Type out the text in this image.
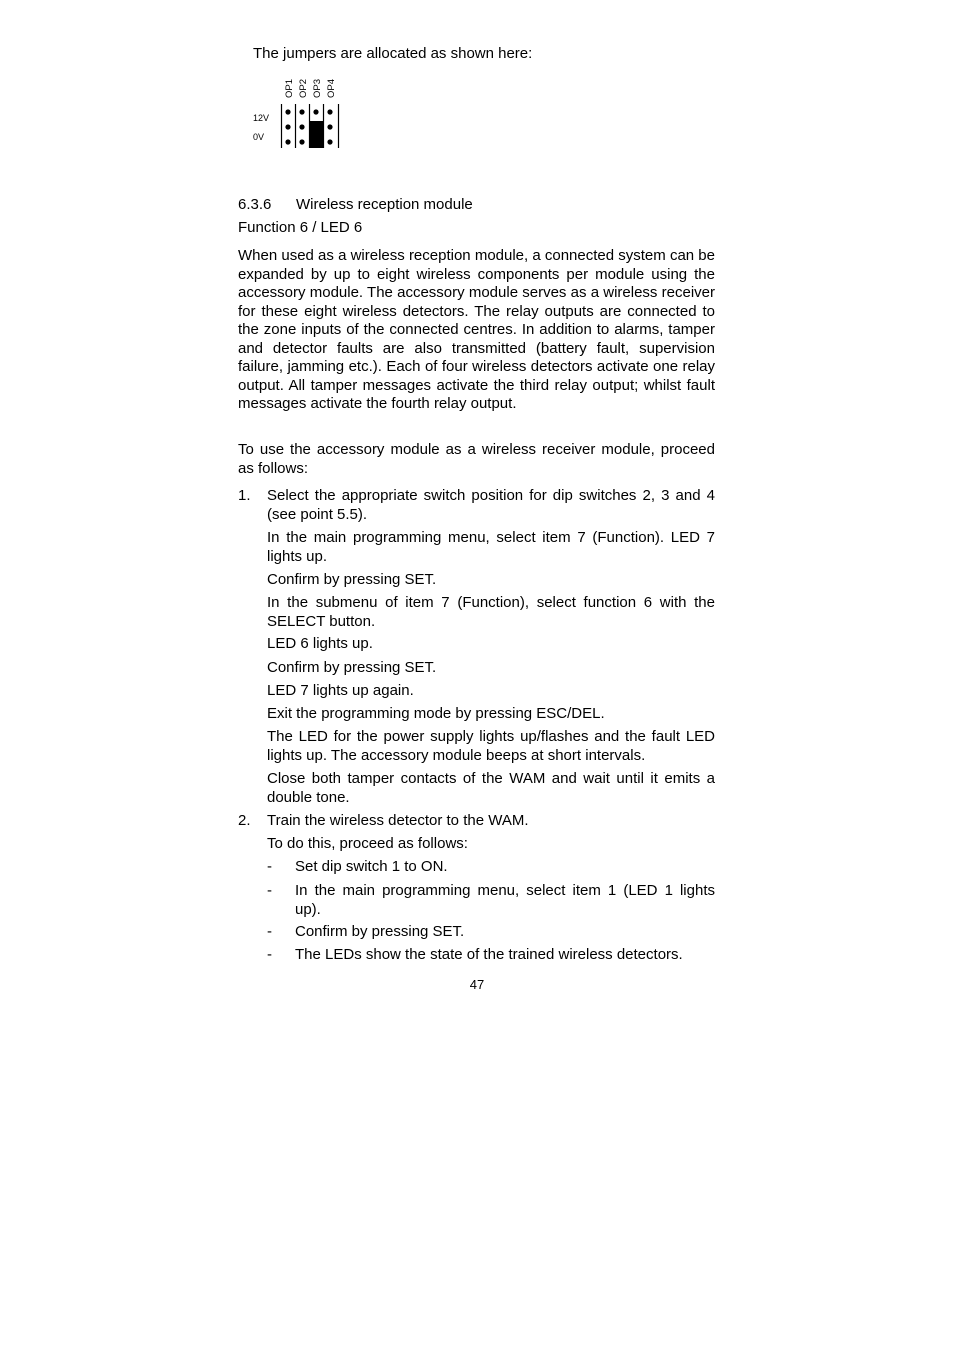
The jumpers are allocated as shown here:
OP1 OP2 OP3 OP4
12V
0V
6.3.6 Wireless reception module
Function 6 / LED 6
When used as a wireless reception module, a connected system can be expanded by up to eight wireless components per module using the accessory module. The accessory module serves as a wireless receiver for these eight wireless detectors. The relay outputs are connected to the zone inputs of the connected centres. In addition to alarms, tamper and detector faults are also transmitted (battery fault, supervision failure, jamming etc.). Each of four wireless detectors activate one relay output. All tamper messages activate the third relay output; whilst fault messages activate the fourth relay output.
To use the accessory module as a wireless receiver module, proceed as follows:
1. Select the appropriate switch position for dip switches 2, 3 and 4 (see point 5.5).
In the main programming menu, select item 7 (Function). LED 7 lights up.
Confirm by pressing SET.
In the submenu of item 7 (Function), select function 6 with the SELECT button.
LED 6 lights up.
Confirm by pressing SET.
LED 7 lights up again.
Exit the programming mode by pressing ESC/DEL.
The LED for the power supply lights up/flashes and the fault LED lights up. The accessory module beeps at short intervals.
Close both tamper contacts of the WAM and wait until it emits a double tone.
2. Train the wireless detector to the WAM.
To do this, proceed as follows:
- Set dip switch 1 to ON.
- In the main programming menu, select item 1 (LED 1 lights up).
- Confirm by pressing SET.
- The LEDs show the state of the trained wireless detectors.
47
